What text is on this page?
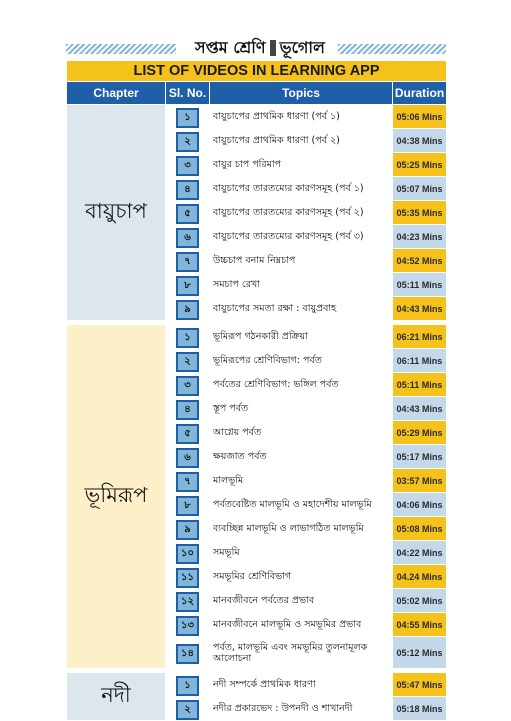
সপ্তম শ্রেণি ভূগোল
LIST OF VIDEOS IN LEARNING APP			
Chapter	Sl. No.	Topics	Duration
বায়ুচাপ	১	বায়ুচাপের প্রাথমিক ধারণা (পর্ব ১)	05:06 Mins
	২	বায়ুচাপের প্রাথমিক ধারণা (পর্ব ২)	04:38 Mins
	৩	বায়ুর চাপ পরিমাপ	05:25 Mins
	৪	বায়ুচাপের তারতম্যের কারণসমূহ (পর্ব ১)	05:07 Mins
	৫	বায়ুচাপের তারতম্যের কারণসমূহ (পর্ব ২)	05:35 Mins
	৬	বায়ুচাপের তারতম্যের কারণসমূহ (পর্ব ৩)	04:23 Mins
	৭	উচ্চচাপ বনাম নিম্নচাপ	04:52 Mins
	৮	সমচাপ রেখা	05:11 Mins
	৯	বায়ুচাপের সমতা রক্ষা : বায়ুপ্রবাহ	04:43 Mins

ভূমিরূপ	১	ভূমিরূপ গঠনকারী প্রক্রিয়া	06:21 Mins
	২	ভূমিরূপের শ্রেণিবিভাগ: পর্বত	06:11 Mins
	৩	পর্বতের শ্রেণিবিভাগ: ভঙ্গিল পর্বত	05:11 Mins
	৪	স্তূপ পর্বত	04:43 Mins
	৫	আগ্নেয় পর্বত	05:29 Mins
	৬	ক্ষয়জাত পর্বত	05:17 Mins
	৭	মালভূমি	03:57 Mins
	৮	পর্বতবেষ্টিত মালভূমি ও মহাদেশীয় মালভূমি	04:06 Mins
	৯	ব্যবচ্ছিন্ন মালভূমি ও লাভাগঠিত মালভূমি	05:08 Mins
	১০	সমভূমি	04:22 Mins
	১১	সমভূমির শ্রেণিবিভাগ	04.24 Mins
	১২	মানবজীবনে পর্বতের প্রভাব	05:02 Mins
	১৩	মানবজীবনে মালভূমি ও সমভূমির প্রভাব	04:55 Mins
	১৪	পর্বত, মালভূমি এবং সমভূমির তুলনামূলক আলোচনা	05:12 Mins

নদী	১	নদী সম্পর্কে প্রাথমিক ধারণা	05:47 Mins
	২	নদীর প্রকারভেদ : উপনদী ও শাখানদী	05:18 Mins
